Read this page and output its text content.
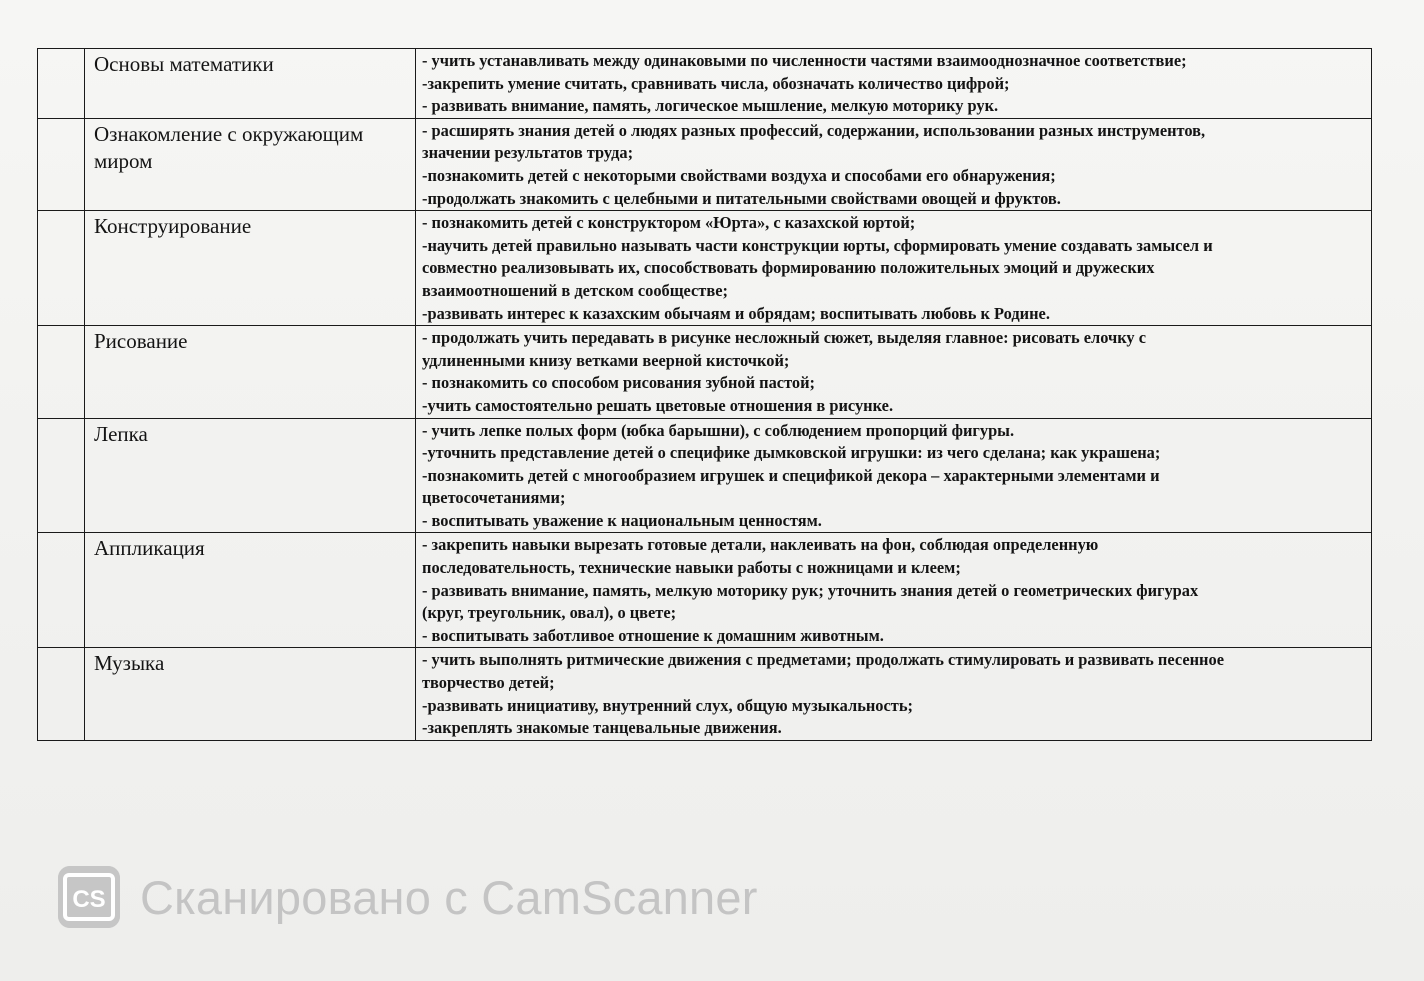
	Основы математики	- учить устанавливать между одинаковыми по численности частями взаимооднозначное соответствие;
-закрепить умение считать, сравнивать числа, обозначать количество цифрой;
- развивать внимание, память, логическое мышление, мелкую моторику рук.

	Ознакомление с окружающим миром	- расширять знания детей о людях разных профессий, содержании, использовании разных инструментов,
значении результатов труда;
-познакомить детей с некоторыми свойствами воздуха и способами его обнаружения;
-продолжать знакомить с целебными и питательными свойствами овощей и фруктов.

	Конструирование	- познакомить детей с конструктором «Юрта», с казахской юртой;
-научить детей правильно называть части конструкции юрты, сформировать умение создавать замысел и
совместно реализовывать их, способствовать формированию положительных эмоций и дружеских
взаимоотношений в детском сообществе;
-развивать интерес к казахским обычаям и обрядам; воспитывать любовь к Родине.

	Рисование	- продолжать учить передавать в рисунке несложный сюжет, выделяя главное: рисовать елочку с
удлиненными книзу ветками веерной кисточкой;
- познакомить со способом рисования зубной пастой;
-учить самостоятельно решать цветовые отношения в рисунке.

	Лепка	- учить лепке полых форм (юбка барышни), с соблюдением пропорций фигуры.
-уточнить представление детей о специфике дымковской игрушки: из чего сделана; как украшена;
-познакомить детей с многообразием игрушек и спецификой декора – характерными элементами и
цветосочетаниями;
- воспитывать уважение к национальным ценностям.

	Аппликация	- закрепить навыки вырезать готовые детали, наклеивать на фон, соблюдая определенную
последовательность, технические навыки работы с ножницами и клеем;
- развивать внимание, память, мелкую моторику рук; уточнить знания детей о геометрических фигурах
(круг, треугольник, овал), о цвете;
- воспитывать заботливое отношение к домашним животным.

	Музыка	- учить выполнять ритмические движения с предметами; продолжать стимулировать и развивать песенное
творчество детей;
-развивать инициативу, внутренний слух, общую музыкальность;
-закреплять знакомые танцевальные движения.
CS Сканировано с CamScanner
